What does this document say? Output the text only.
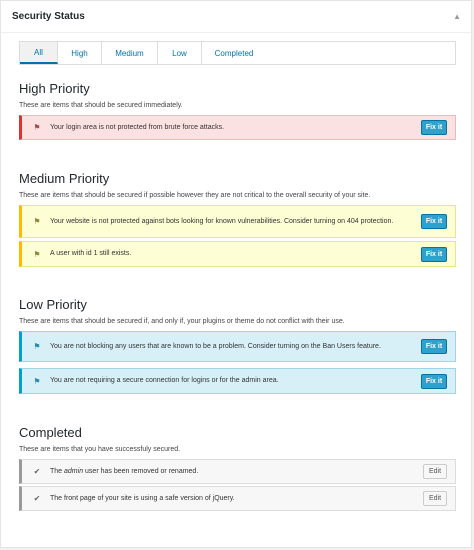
Security Status	▲
All	High	Medium	Low	Completed
High Priority

These are items that should be secured immediately.

⚑	Your login area is not protected from brute force attacks.	Fix it
Medium Priority

These are items that should be secured if possible however they are not critical to the overall security of your site.

⚑	Your website is not protected against bots looking for known vulnerabilities. Consider turning on 404 protection.	Fix it
⚑	A user with id 1 still exists.	Fix it
Low Priority

These are items that should be secured if, and only if, your plugins or theme do not conflict with their use.

⚑	You are not blocking any users that are known to be a problem. Consider turning on the Ban Users feature.	Fix it
⚑	You are not requiring a secure connection for logins or for the admin area.	Fix it
Completed

These are items that you have successfuly secured.

✔	The admin user has been removed or renamed.	Edit
✔	The front page of your site is using a safe version of jQuery.	Edit
